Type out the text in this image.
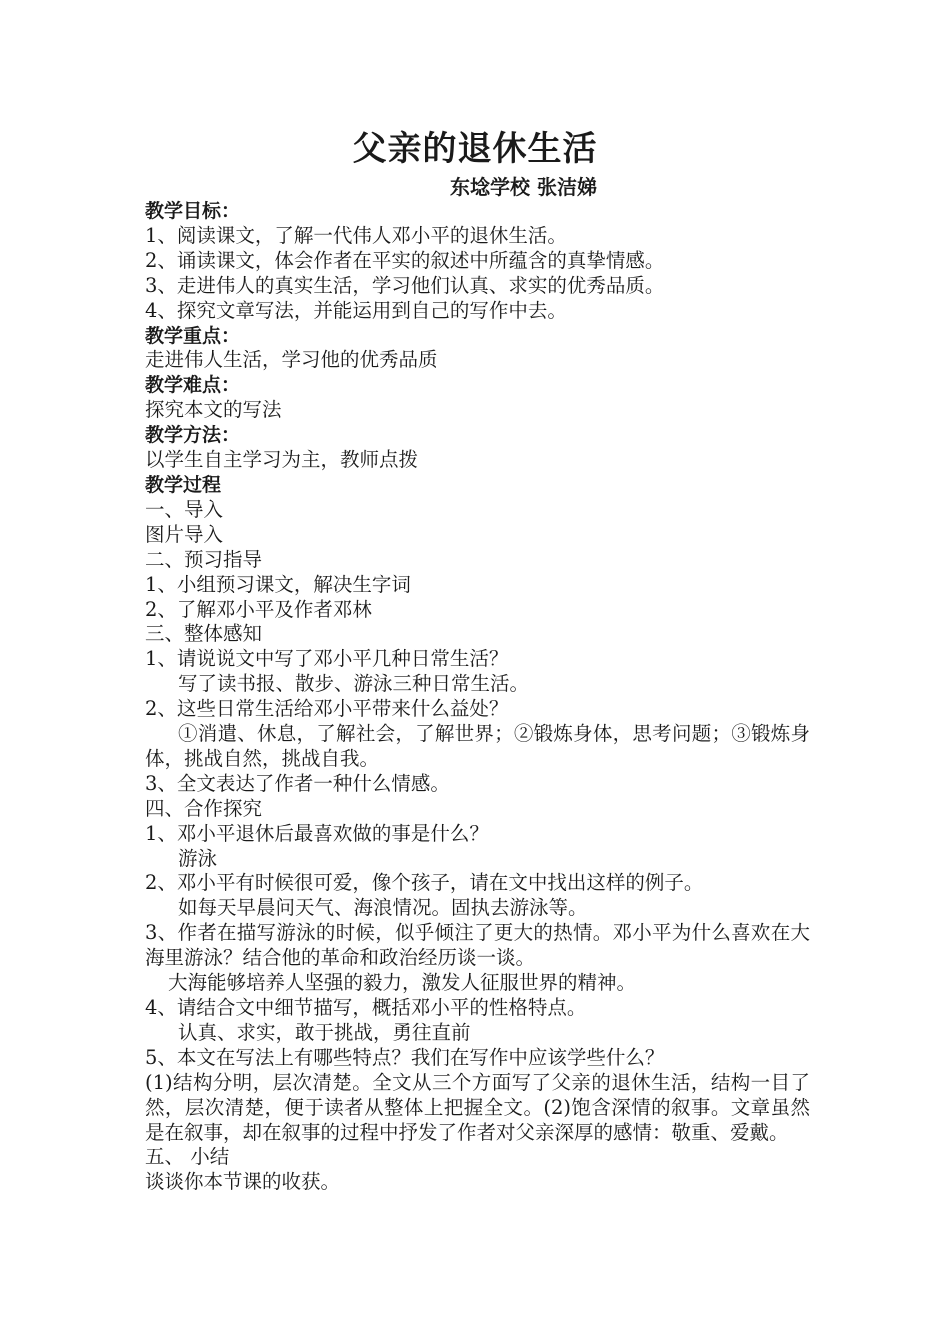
父亲的退休生活
东埝学校 张洁娣
教学目标：
1、阅读课文，了解一代伟人邓小平的退休生活。
2、诵读课文，体会作者在平实的叙述中所蕴含的真挚情感。
3、走进伟人的真实生活，学习他们认真、求实的优秀品质。
4、探究文章写法，并能运用到自己的写作中去。
教学重点：
走进伟人生活，学习他的优秀品质
教学难点：
探究本文的写法
教学方法：
以学生自主学习为主，教师点拨
教学过程
一、导入
图片导入
二、预习指导
1、小组预习课文，解决生字词
2、了解邓小平及作者邓林
三、整体感知
1、请说说文中写了邓小平几种日常生活？
写了读书报、散步、游泳三种日常生活。
2、这些日常生活给邓小平带来什么益处？
①消遣、休息，了解社会，了解世界；②锻炼身体，思考问题；③锻炼身体，挑战自然，挑战自我。
3、全文表达了作者一种什么情感。
四、合作探究
1、邓小平退休后最喜欢做的事是什么？
游泳
2、邓小平有时候很可爱，像个孩子，请在文中找出这样的例子。
如每天早晨问天气、海浪情况。固执去游泳等。
3、作者在描写游泳的时候，似乎倾注了更大的热情。邓小平为什么喜欢在大海里游泳？结合他的革命和政治经历谈一谈。
大海能够培养人坚强的毅力，激发人征服世界的精神。
4、请结合文中细节描写，概括邓小平的性格特点。
认真、求实，敢于挑战，勇往直前
5、本文在写法上有哪些特点？我们在写作中应该学些什么？
(1)结构分明，层次清楚。全文从三个方面写了父亲的退休生活，结构一目了然，层次清楚，便于读者从整体上把握全文。(2)饱含深情的叙事。文章虽然是在叙事，却在叙事的过程中抒发了作者对父亲深厚的感情：敬重、爱戴。
五、 小结
谈谈你本节课的收获。
